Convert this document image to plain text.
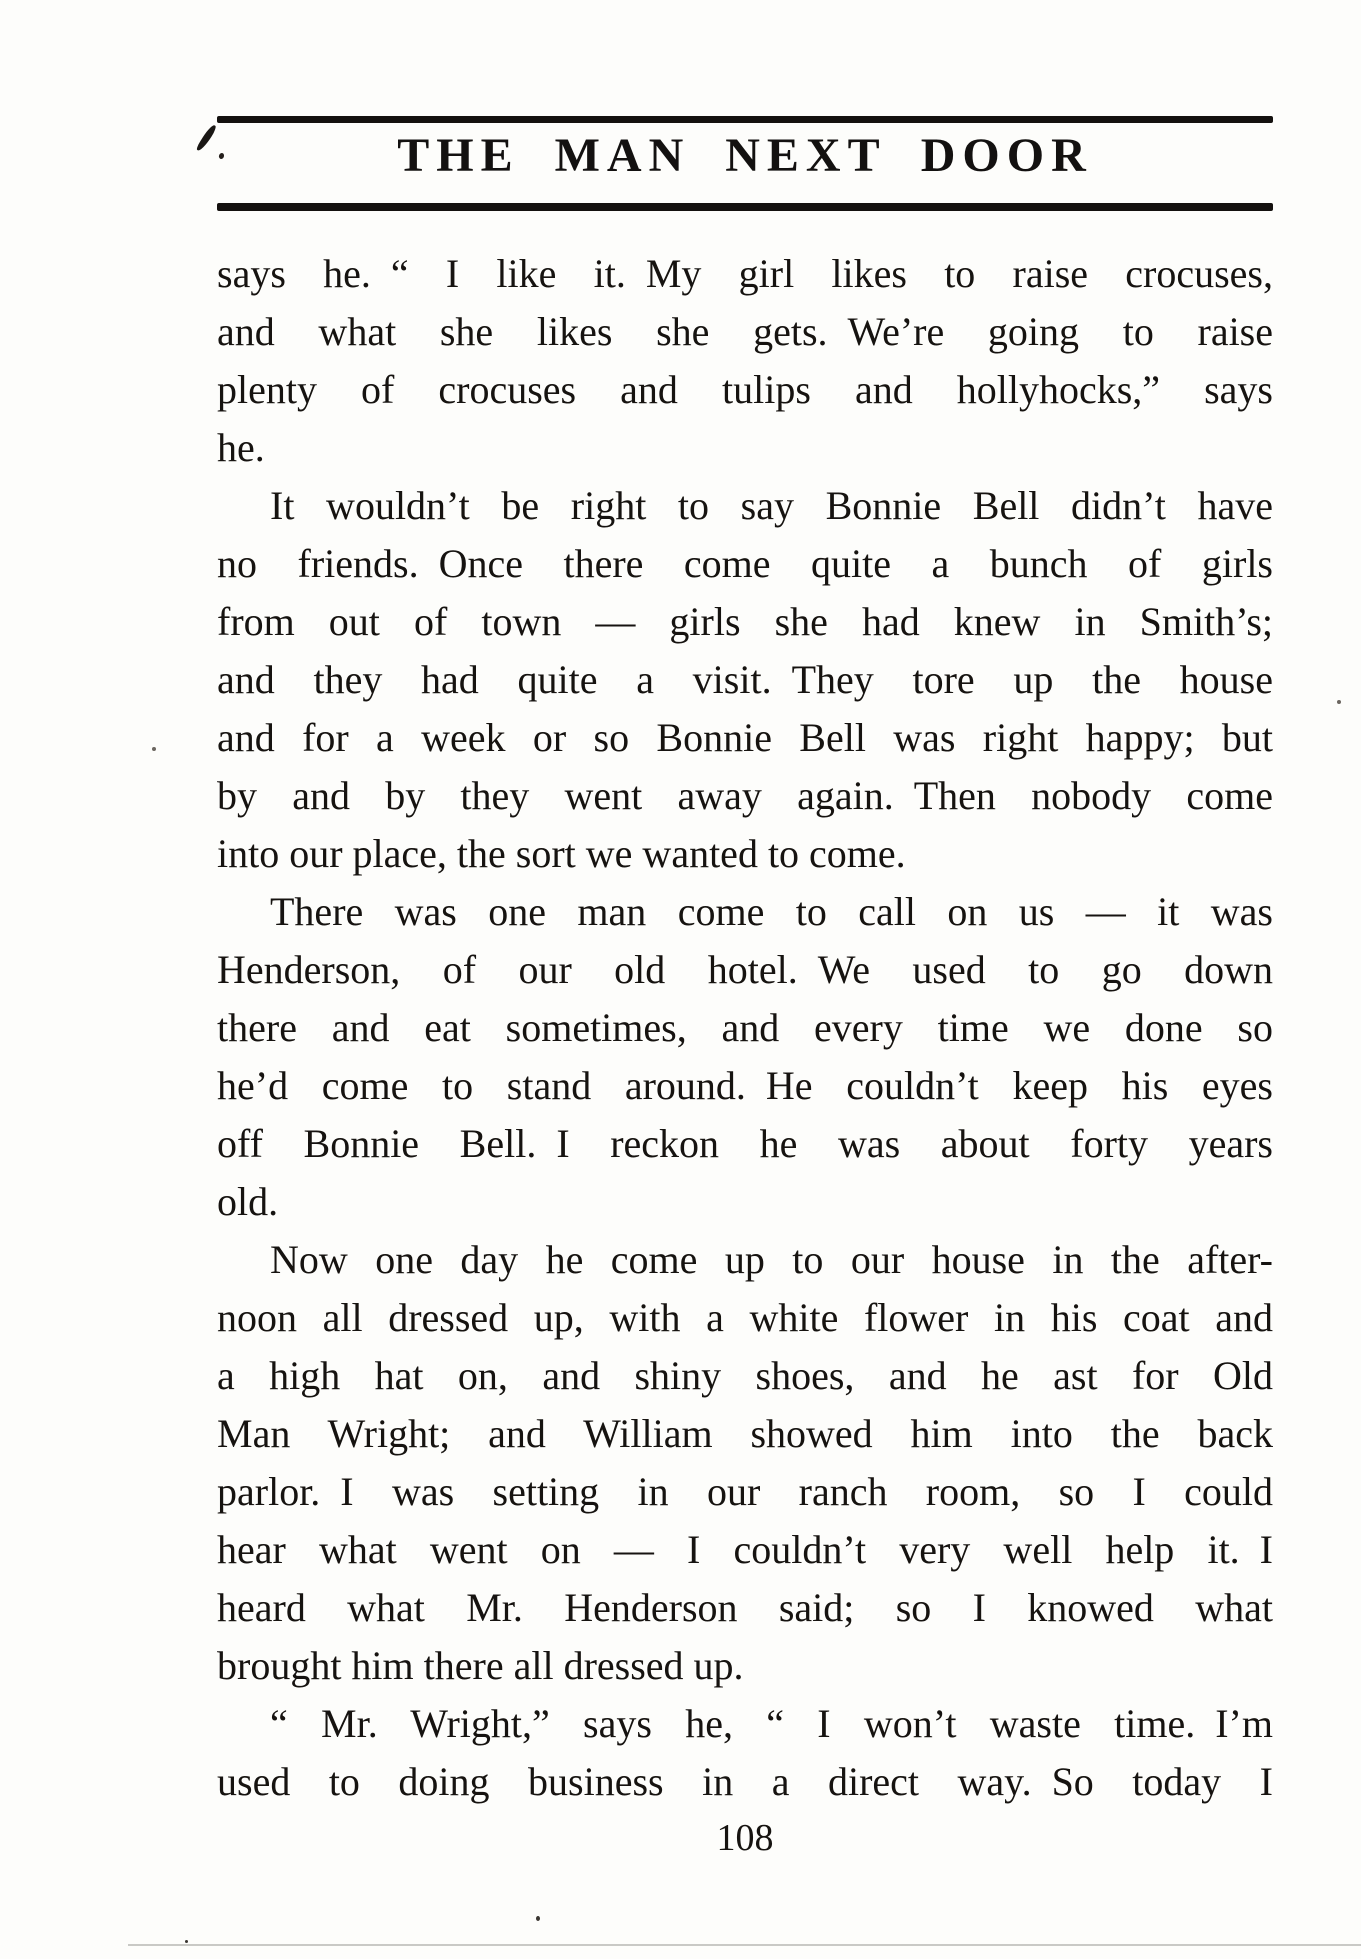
THE MAN NEXT DOOR
says he. “ I like it. My girl likes to raise crocuses,
and what she likes she gets. We’re going to raise
plenty of crocuses and tulips and hollyhocks,” says
he.
It wouldn’t be right to say Bonnie Bell didn’t have
no friends. Once there come quite a bunch of girls
from out of town — girls she had knew in Smith’s;
and they had quite a visit. They tore up the house
and for a week or so Bonnie Bell was right happy; but
by and by they went away again. Then nobody come
into our place, the sort we wanted to come.
There was one man come to call on us — it was
Henderson, of our old hotel. We used to go down
there and eat sometimes, and every time we done so
he’d come to stand around. He couldn’t keep his eyes
off Bonnie Bell. I reckon he was about forty years
old.
Now one day he come up to our house in the after-
noon all dressed up, with a white flower in his coat and
a high hat on, and shiny shoes, and he ast for Old
Man Wright; and William showed him into the back
parlor. I was setting in our ranch room, so I could
hear what went on — I couldn’t very well help it. I
heard what Mr. Henderson said; so I knowed what
brought him there all dressed up.
“ Mr. Wright,” says he, “ I won’t waste time. I’m
used to doing business in a direct way. So today I
108
